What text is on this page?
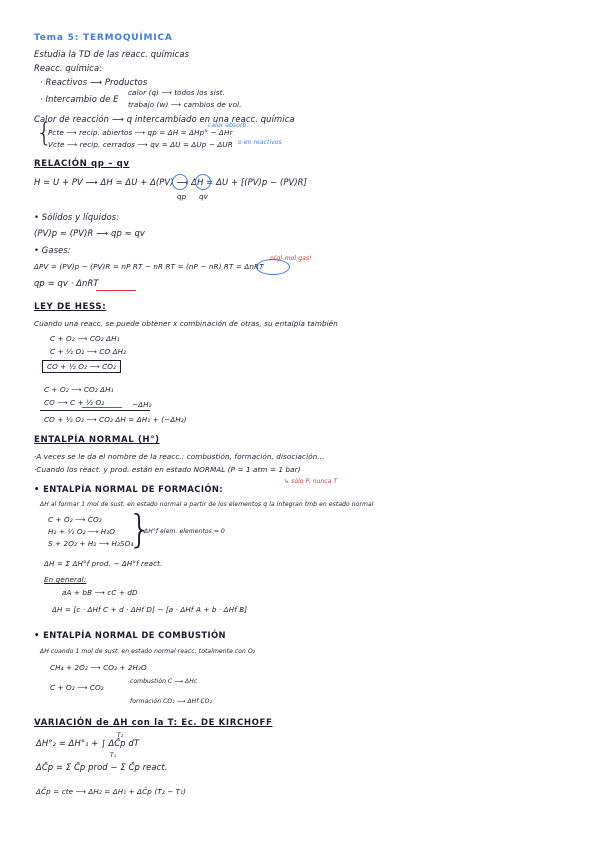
Tema 5: TERMOQUÍMICA
Estudia la TD de las reacc. químicas
Reacc. química:
· Reactivos ⟶ Productos
· Intercambio de E
calor (q) ⟶ todos los sist.
trabajo (w) ⟶ cambios de vol.
Calor de reacción ⟶ q intercambiado en una reacc. química
{
Pcte ⟶ recip. abiertos ⟶ qp = ΔH = ΔHp° − ΔHr
calor absorb.
o en reactivos
Vcte ⟶ recip. cerrados ⟶ qv = ΔU = ΔUp − ΔUR
RELACIÓN qp – qv
H = U + PV ⟶ ΔH = ΔU + Δ(PV) ⟶ ΔH = ΔU + [(PV)p − (PV)R]
qp qv
• Sólidos y líquidos:
(PV)p ≈ (PV)R ⟶ qp ≈ qv
• Gases:
ΔPV = (PV)p − (PV)R = nP RT − nR RT = (nP − nR) RT = ΔnRT
n(g) mol gas!
qp = qv · ΔnRT
LEY DE HESS:
Cuando una reacc. se puede obtener x combinación de otras, su entalpía también
C + O₂ ⟶ CO₂ ΔH₁
C + ½ O₂ ⟶ CO ΔH₂
CO + ½ O₂ ⟶ CO₂
C + O₂ ⟶ CO₂ ΔH₁
CO ⟶ C + ½ O₂	−ΔH₂
CO + ½ O₂ ⟶ CO₂ ΔH = ΔH₁ + (−ΔH₂)
ENTALPÍA NORMAL (H°)
·A veces se le da el nombre de la reacc.: combustión, formación, disociación...
·Cuando los react. y prod. están en estado NORMAL (P = 1 atm = 1 bar)
↳ sólo P, nunca T
• ENTALPÍA NORMAL DE FORMACIÓN:
ΔH al formar 1 mol de sust. en estado normal a partir de los elementos q la integran tmb en estado normal
C + O₂ ⟶ CO₂
H₂ + ½ O₂ ⟶ H₂O
S + 2O₂ + H₂ ⟶ H₂SO₄
}
ΔH°f elem. elementos = 0
ΔH = Σ ΔH°f prod. − ΔH°f react.
En general:
aA + bB ⟶ cC + dD
ΔH = [c · ΔHf C + d · ΔHf D] − [a · ΔHf A + b · ΔHf B]
• ENTALPÍA NORMAL DE COMBUSTIÓN
ΔH cuando 1 mol de sust. en estado normal reacc. totalmente con O₂
CH₄ + 2O₂ ⟶ CO₂ + 2H₂O
C + O₂ ⟶ CO₂
combustión C ⟶ ΔHc
formación CO₂ ⟶ ΔHf CO₂
VARIACIÓN de ΔH con la T: Ec. DE KIRCHOFF
ΔH°₂ = ΔH°₁ + ∫ ΔC̄p dT
T₂
T₁
ΔC̄p = Σ C̄p prod − Σ C̄p react.
ΔC̄p = cte ⟶ ΔH₂ = ΔH₁ + ΔC̄p (T₂ − T₁)
